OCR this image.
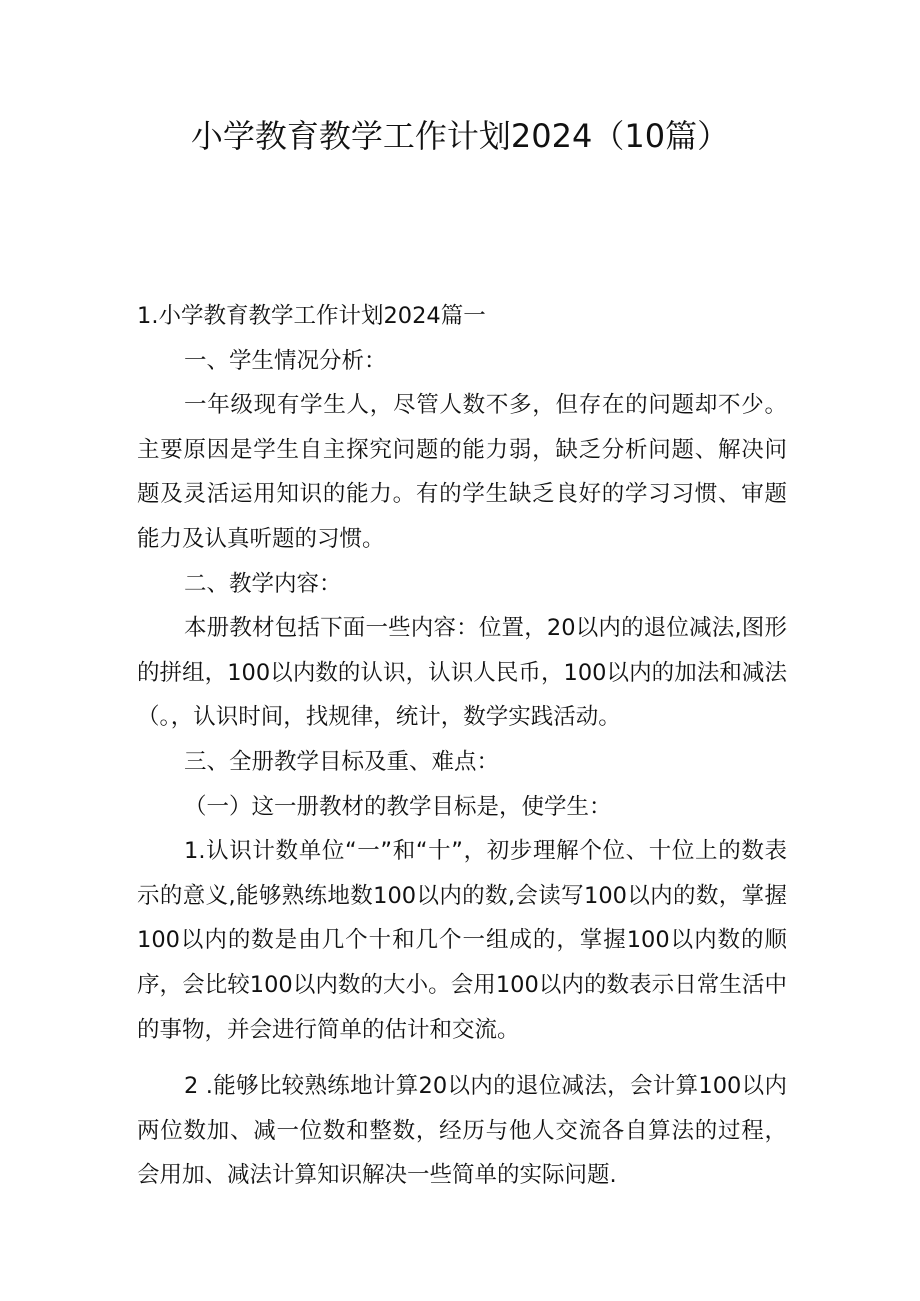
小学教育教学工作计划2024（10篇）

1.小学教育教学工作计划2024篇一

一、学生情况分析：

一年级现有学生人，尽管人数不多，但存在的问题却不少。主要原因是学生自主探究问题的能力弱，缺乏分析问题、解决问题及灵活运用知识的能力。有的学生缺乏良好的学习习惯、审题能力及认真听题的习惯。

二、教学内容：

本册教材包括下面一些内容：位置，20以内的退位减法,图形的拼组，100以内数的认识，认识人民币，100以内的加法和减法（。，认识时间，找规律，统计，数学实践活动。

三、全册教学目标及重、难点：

（一）这一册教材的教学目标是，使学生：

1.认识计数单位“一”和“十”，初步理解个位、十位上的数表示的意义,能够熟练地数100以内的数,会读写100以内的数，掌握100以内的数是由几个十和几个一组成的，掌握100以内数的顺序，会比较100以内数的大小。会用100以内的数表示日常生活中的事物，并会进行简单的估计和交流。

2 .能够比较熟练地计算20以内的退位减法，会计算100以内两位数加、减一位数和整数，经历与他人交流各自算法的过程，会用加、减法计算知识解决一些简单的实际问题.
